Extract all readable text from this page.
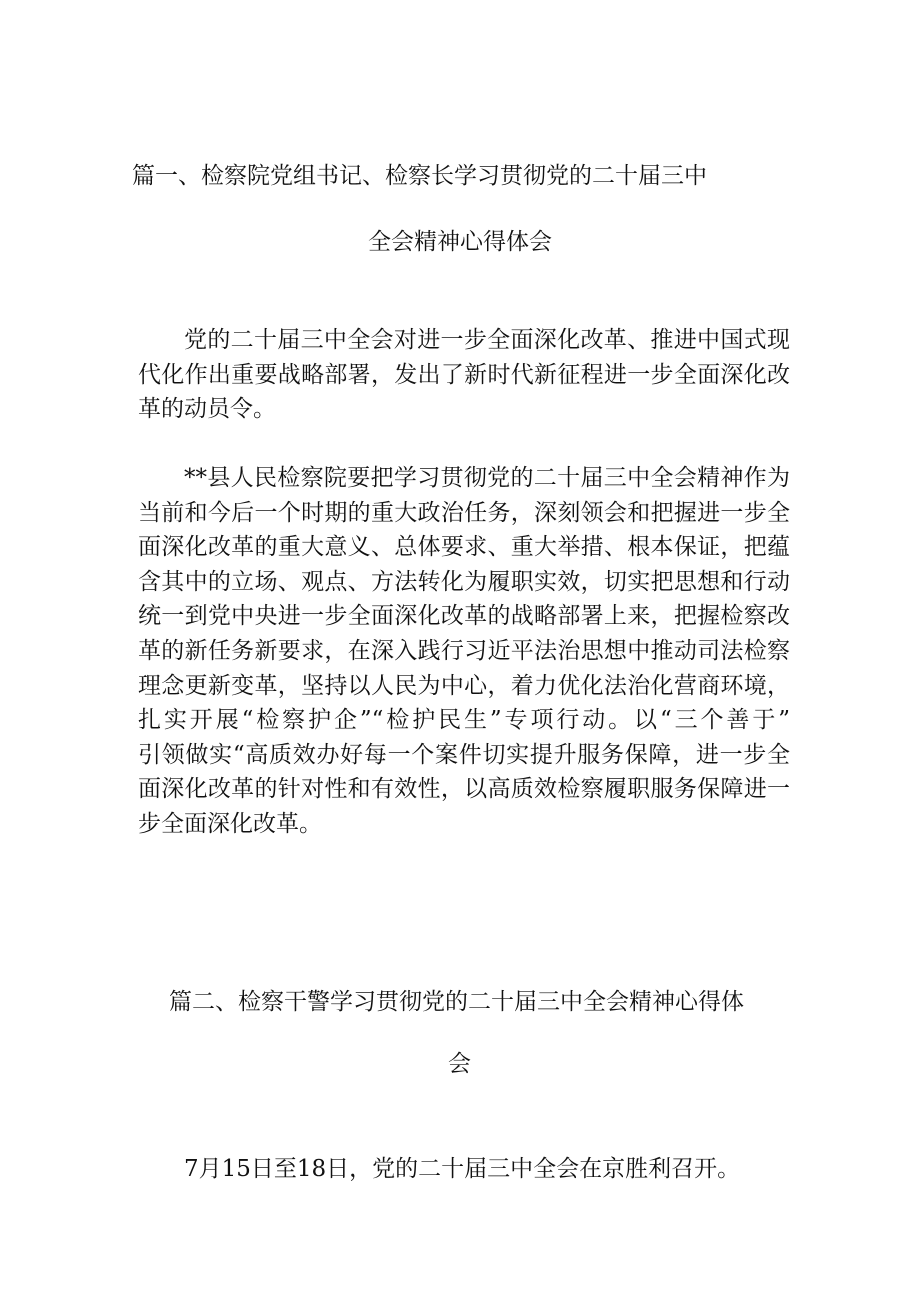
篇一、检察院党组书记、检察长学习贯彻党的二十届三中
全会精神心得体会
党的二十届三中全会对进一步全面深化改革、推进中国式现
代化作出重要战略部署，发出了新时代新征程进一步全面深化改
革的动员令。
**县人民检察院要把学习贯彻党的二十届三中全会精神作为
当前和今后一个时期的重大政治任务，深刻领会和把握进一步全
面深化改革的重大意义、总体要求、重大举措、根本保证，把蕴
含其中的立场、观点、方法转化为履职实效，切实把思想和行动
统一到党中央进一步全面深化改革的战略部署上来，把握检察改
革的新任务新要求，在深入践行习近平法治思想中推动司法检察
理念更新变革，坚持以人民为中心，着力优化法治化营商环境，
扎实开展“检察护企”“检护民生”专项行动。以“三个善于”
引领做实“高质效办好每一个案件切实提升服务保障，进一步全
面深化改革的针对性和有效性，以高质效检察履职服务保障进一
步全面深化改革。
篇二、检察干警学习贯彻党的二十届三中全会精神心得体
会
7月15日至18日，党的二十届三中全会在京胜利召开。
